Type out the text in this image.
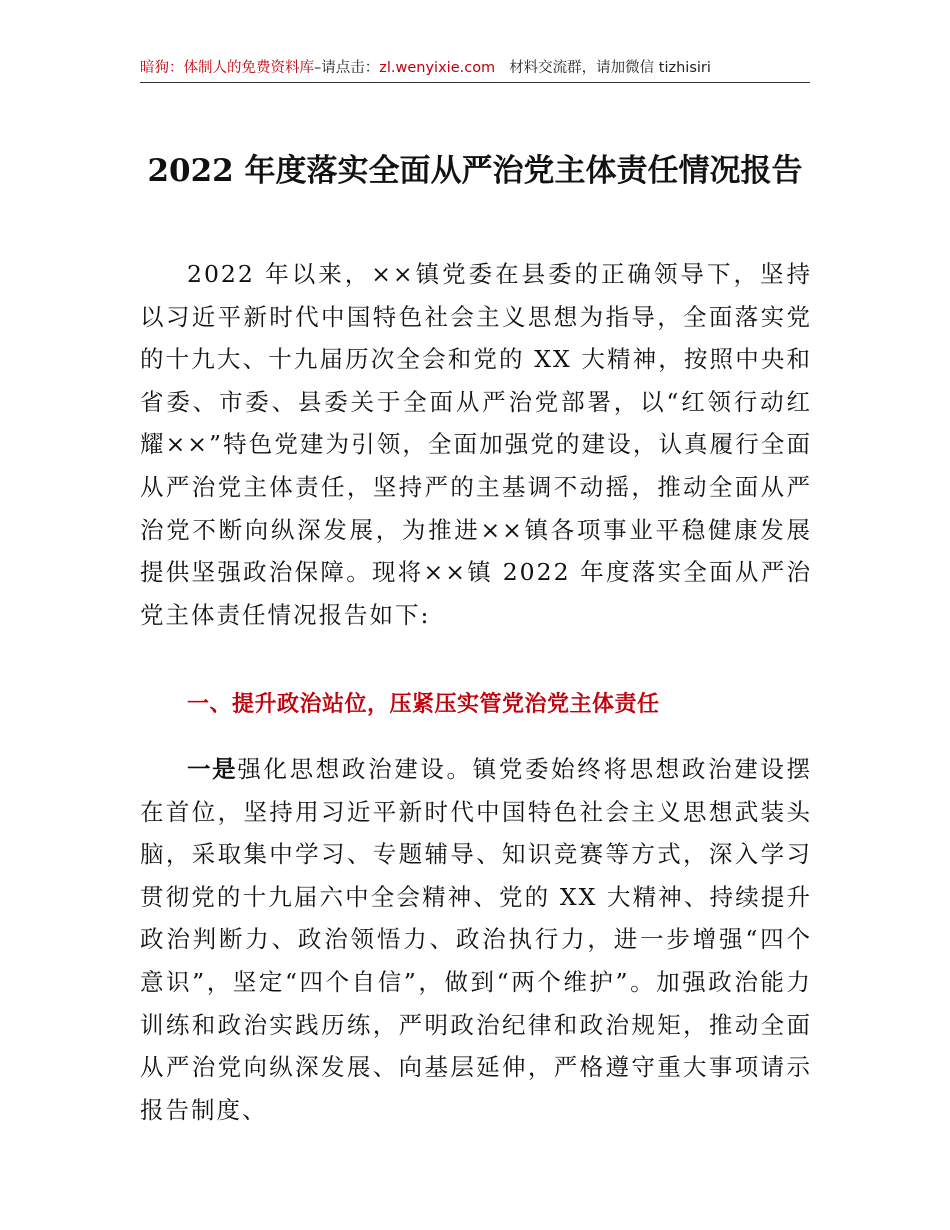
暗狗：体制人的免费资料库–请点击：zl.wenyixie.com 材料交流群，请加微信 tizhisiri
2022 年度落实全面从严治党主体责任情况报告

2022 年以来，××镇党委在县委的正确领导下，坚持以习近平新时代中国特色社会主义思想为指导，全面落实党的十九大、十九届历次全会和党的 XX 大精神，按照中央和省委、市委、县委关于全面从严治党部署，以“红领行动红耀××”特色党建为引领，全面加强党的建设，认真履行全面从严治党主体责任，坚持严的主基调不动摇，推动全面从严治党不断向纵深发展，为推进××镇各项事业平稳健康发展提供坚强政治保障。现将××镇 2022 年度落实全面从严治党主体责任情况报告如下:

一、提升政治站位，压紧压实管党治党主体责任

一是强化思想政治建设。镇党委始终将思想政治建设摆在首位，坚持用习近平新时代中国特色社会主义思想武装头脑，采取集中学习、专题辅导、知识竞赛等方式，深入学习贯彻党的十九届六中全会精神、党的 XX 大精神、持续提升政治判断力、政治领悟力、政治执行力，进一步增强“四个意识”，坚定“四个自信”，做到“两个维护”。加强政治能力训练和政治实践历练，严明政治纪律和政治规矩，推动全面从严治党向纵深发展、向基层延伸，严格遵守重大事项请示报告制度、
